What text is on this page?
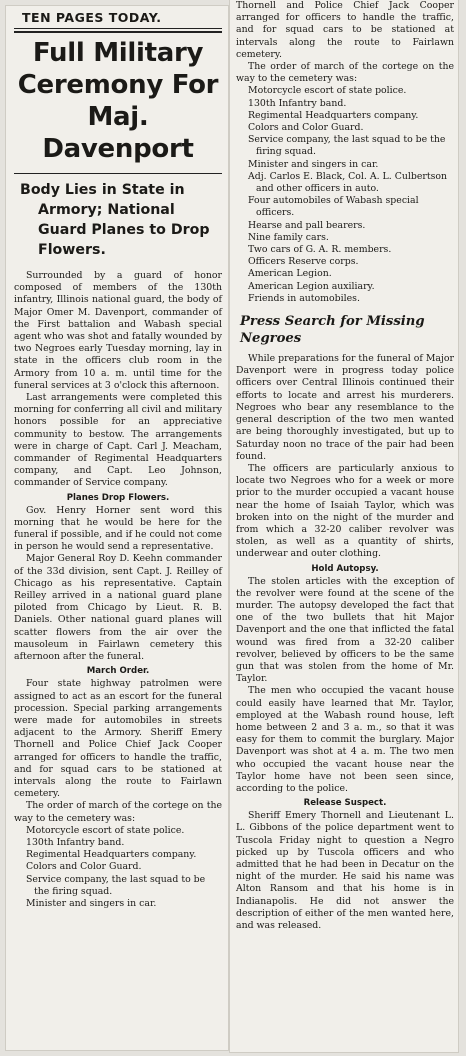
TEN PAGES TODAY.
Full Military Ceremony For Maj. Davenport
Body Lies in State in Armory; National Guard Planes to Drop Flowers.

Surrounded by a guard of honor composed of members of the 130th infantry, Illinois national guard, the body of Major Omer M. Davenport, commander of the First battalion and Wabash special agent who was shot and fatally wounded by two Negroes early Tuesday morning, lay in state in the officers club room in the Armory from 10 a. m. until time for the funeral services at 3 o'clock this afternoon.

Last arrangements were completed this morning for conferring all civil and military honors possible for an appreciative community to bestow. The arrangements were in charge of Capt. Carl J. Meacham, commander of Regimental Headquarters company, and Capt. Leo Johnson, commander of Service company.

Planes Drop Flowers.

Gov. Henry Horner sent word this morning that he would be here for the funeral if possible, and if he could not come in person he would send a representative.

Major General Roy D. Keehn commander of the 33d division, sent Capt. J. Reilley of Chicago as his representative. Captain Reilley arrived in a national guard plane piloted from Chicago by Lieut. R. B. Daniels. Other national guard planes will scatter flowers from the air over the mausoleum in Fairlawn cemetery this afternoon after the funeral.

March Order.

Four state highway patrolmen were assigned to act as an escort for the funeral procession. Special parking arrangements were made for automobiles in streets adjacent to the Armory. Sheriff Emery Thornell and Police Chief Jack Cooper arranged for officers to handle the traffic, and for squad cars to be stationed at intervals along the route to Fairlawn cemetery.

The order of march of the cortege on the way to the cemetery was:

Motorcycle escort of state police.
130th Infantry band.
Regimental Headquarters company.
Colors and Color Guard.
Service company, the last squad to be the firing squad.
Minister and singers in car.

Thornell and Police Chief Jack Cooper arranged for officers to handle the traffic, and for squad cars to be stationed at intervals along the route to Fairlawn cemetery.

The order of march of the cortege on the way to the cemetery was:

Motorcycle escort of state police.
130th Infantry band.
Regimental Headquarters company.
Colors and Color Guard.
Service company, the last squad to be the firing squad.
Minister and singers in car.
Adj. Carlos E. Black, Col. A. L. Culbertson and other officers in auto.
Four automobiles of Wabash special officers.
Hearse and pall bearers.
Nine family cars.
Two cars of G. A. R. members.
Officers Reserve corps.
American Legion.
American Legion auxiliary.
Friends in automobiles.
Press Search for Missing Negroes

While preparations for the funeral of Major Davenport were in progress today police officers over Central Illinois continued their efforts to locate and arrest his murderers. Negroes who bear any resemblance to the general description of the two men wanted are being thoroughly investigated, but up to Saturday noon no trace of the pair had been found.

The officers are particularly anxious to locate two Negroes who for a week or more prior to the murder occupied a vacant house near the home of Isaiah Taylor, which was broken into on the night of the murder and from which a 32-20 caliber revolver was stolen, as well as a quantity of shirts, underwear and outer clothing.

Hold Autopsy.

The stolen articles with the exception of the revolver were found at the scene of the murder. The autopsy developed the fact that one of the two bullets that hit Major Davenport and the one that inflicted the fatal wound was fired from a 32-20 caliber revolver, believed by officers to be the same gun that was stolen from the home of Mr. Taylor.

The men who occupied the vacant house could easily have learned that Mr. Taylor, employed at the Wabash round house, left home between 2 and 3 a. m., so that it was easy for them to commit the burglary. Major Davenport was shot at 4 a. m. The two men who occupied the vacant house near the Taylor home have not been seen since, according to the police.

Release Suspect.

Sheriff Emery Thornell and Lieutenant L. L. Gibbons of the police department went to Tuscola Friday night to question a Negro picked up by Tuscola officers and who admitted that he had been in Decatur on the night of the murder. He said his name was Alton Ransom and that his home is in Indianapolis. He did not answer the description of either of the men wanted here, and was released.
